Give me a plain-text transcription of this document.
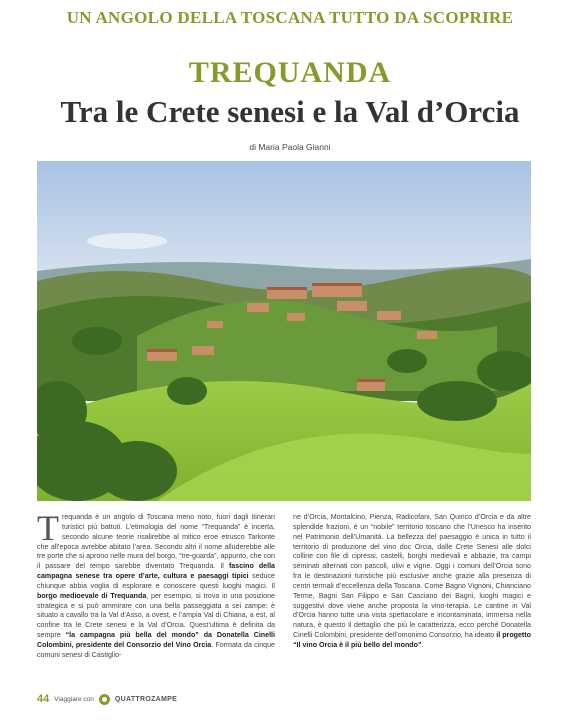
UN ANGOLO DELLA TOSCANA TUTTO DA SCOPRIRE
TREQUANDA
Tra le Crete senesi e la Val d’Orcia
di Maria Paola Gianni
Trequanda è un angolo di Toscana meno noto, fuori dagli itinerari turistici più battuti. L’etimologia del nome “Trequanda” è incerta, secondo alcune teorie risalirebbe al mitico eroe etrusco Tarkonte che all’epoca avrebbe abitato l’area. Secondo altri il nome alluderebbe alle tre porte che si aprono nelle mura del borgo, “tre-guarda”, appunto, che con il passare del tempo sarebbe diventato Trequanda. Il fascino della campagna senese tra opere d’arte, cultura e paesaggi tipici seduce chiunque abbia voglia di esplorare e conoscere questi luoghi magici. Il borgo medioevale di Trequanda, per esempio, si trova in una posizione strategica e si può ammirare con una bella passeggiata a sei zampe: è situato a cavallo tra la Val d’Asso, a ovest, e l’ampia Val di Chiana, a est, al confine tra le Crete senesi e la Val d’Orcia. Quest’ultima è definita da sempre “la campagna più bella del mondo” da Donatella Cinelli Colombini, presidente del Consorzio del Vino Orcia. Formata da cinque comuni senesi di Castiglio-
ne d’Orcia, Montalcino, Pienza, Radicofani, San Quirico d’Orcia e da altre splendide frazioni, è un “nobile” territorio toscano che l’Unesco ha inserito nel Patrimonio dell’Umanità. La bellezza del paesaggio è unica in tutto il territorio di produzione del vino doc Orcia, dalle Crete Senesi alle dolci colline con file di cipressi, castelli, borghi medievali e abbazie, tra campi seminati alternati con pascoli, ulivi e vigne. Oggi i comuni dell’Orcia sono fra le destinazioni turistiche più esclusive anche grazie alla presenza di centri termali d’eccellenza della Toscana. Come Bagno Vignoni, Chianciano Terme, Bagni San Filippo e San Casciano dei Bagni, luoghi magici e suggestivi dove viene anche proposta la vino-terapia. Le cantine in Val d’Orcia hanno tutte una vista spettacolare e incontaminata, immersa nella natura, è questo il dettaglio che più le caratterizza, ecco perché Donatella Cinelli Colombini, presidente dell’omonimo Consorzio, ha ideato il progetto “Il vino Orcia è il più bello del mondo”.
44 Viaggiare con	QUATTROZAMPE
